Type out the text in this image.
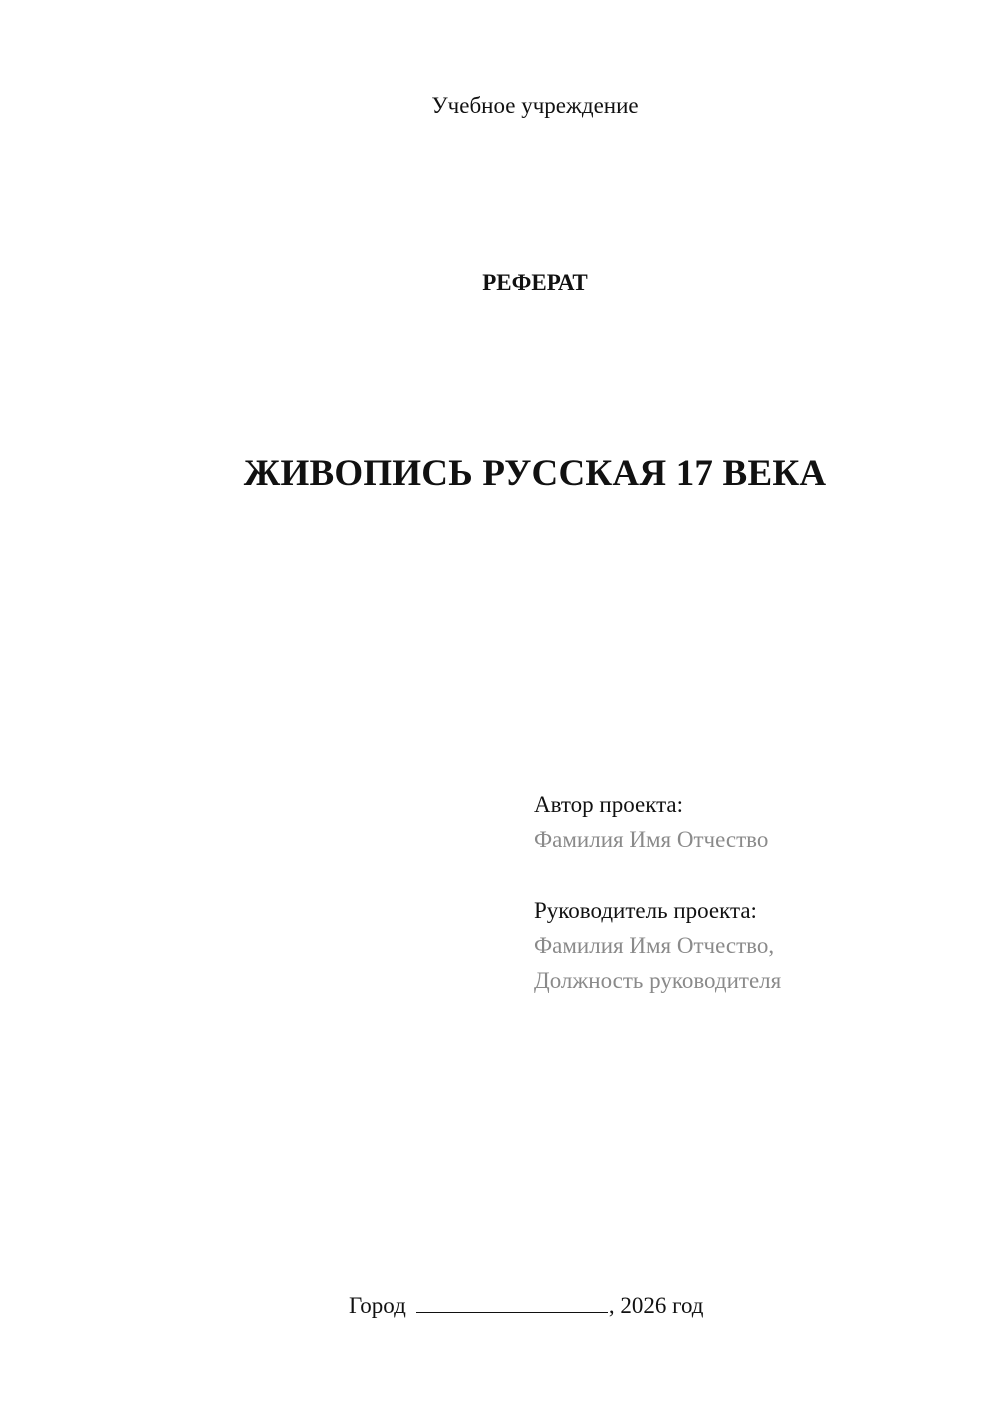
Учебное учреждение
РЕФЕРАТ
ЖИВОПИСЬ РУССКАЯ 17 ВЕКА
Автор проекта:
Фамилия Имя Отчество
Руководитель проекта:
Фамилия Имя Отчество,
Должность руководителя
Город	, 2026 год
